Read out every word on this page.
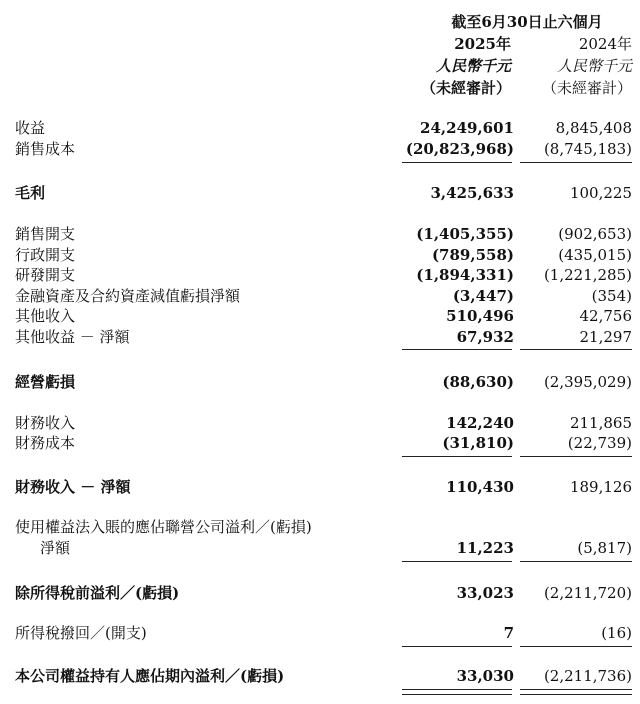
截至6月30日止六個月
2025年	2024年
人民幣千元	人民幣千元
（未經審計）	（未經審計）
收益	24,249,601	8,845,408
銷售成本	(20,823,968) (8,745,183)
毛利	3,425,633	100,225
銷售開支	(1,405,355)	(902,653)
行政開支	(789,558)	(435,015)
研發開支	(1,894,331) (1,221,285)
金融資產及合約資產減值虧損淨額	(3,447)	(354)
其他收入	510,496	42,756
其他收益 － 淨額	67,932	21,297
經營虧損	(88,630) (2,395,029)
財務收入	142,240	211,865
財務成本	(31,810)	(22,739)
財務收入 － 淨額	110,430	189,126
使用權益法入賬的應佔聯營公司溢利／(虧損)
淨額	11,223	(5,817)
除所得稅前溢利／(虧損)	33,023 (2,211,720)
所得稅撥回／(開支)	7	(16)
本公司權益持有人應佔期內溢利／(虧損)	33,030 (2,211,736)
